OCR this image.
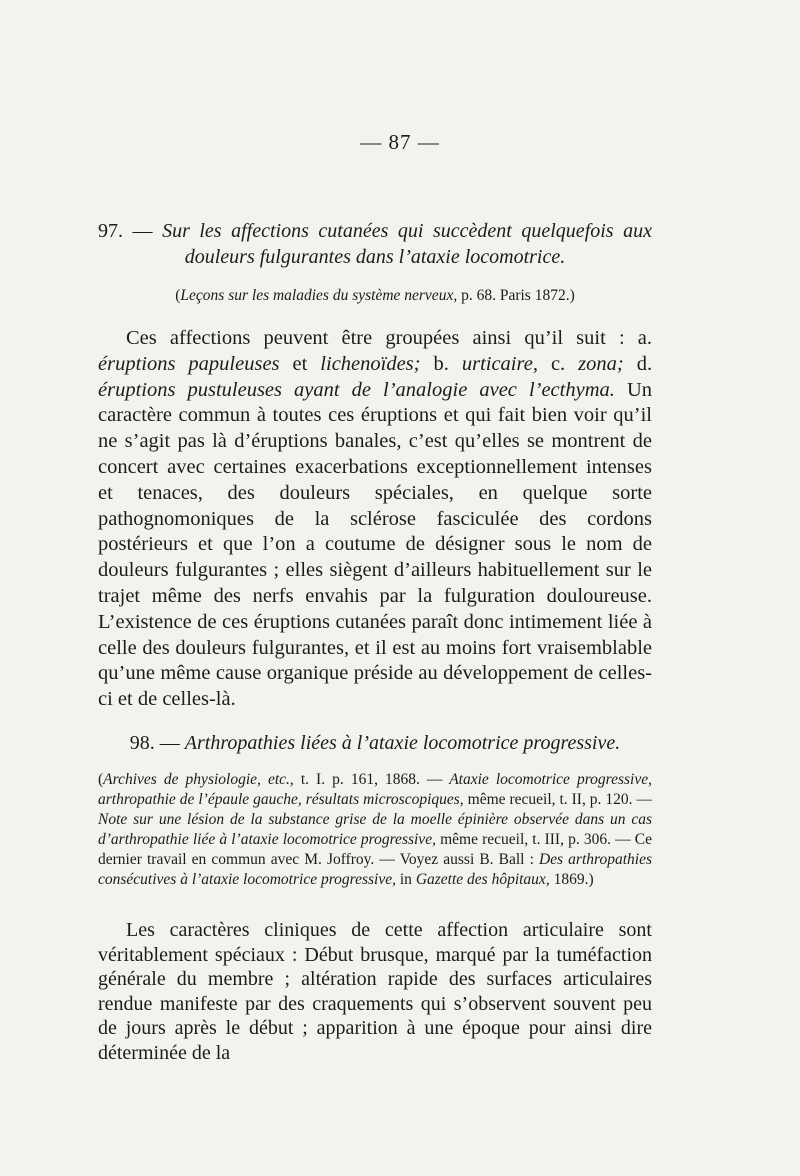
— 87 —
97. — Sur les affections cutanées qui succèdent quelquefois aux douleurs fulgurantes dans l’ataxie locomotrice.
(Leçons sur les maladies du système nerveux, p. 68. Paris 1872.)
Ces affections peuvent être groupées ainsi qu’il suit : a. éruptions papuleuses et lichenoïdes; b. urticaire, c. zona; d. éruptions pustuleuses ayant de l’analogie avec l’ecthyma. Un caractère commun à toutes ces éruptions et qui fait bien voir qu’il ne s’agit pas là d’éruptions banales, c’est qu’elles se montrent de concert avec certaines exacerbations exceptionnellement intenses et tenaces, des douleurs spéciales, en quelque sorte pathognomoniques de la sclérose fasciculée des cordons postérieurs et que l’on a coutume de désigner sous le nom de douleurs fulgurantes ; elles siègent d’ailleurs habituellement sur le trajet même des nerfs envahis par la fulguration douloureuse. L’existence de ces éruptions cutanées paraît donc intimement liée à celle des douleurs fulgurantes, et il est au moins fort vraisemblable qu’une même cause organique préside au développement de celles-ci et de celles-là.
98. — Arthropathies liées à l’ataxie locomotrice progressive.
(Archives de physiologie, etc., t. I. p. 161, 1868. — Ataxie locomotrice progressive, arthropathie de l’épaule gauche, résultats microscopiques, même recueil, t. II, p. 120. — Note sur une lésion de la substance grise de la moelle épinière observée dans un cas d’arthropathie liée à l’ataxie locomotrice progressive, même recueil, t. III, p. 306. — Ce dernier travail en commun avec M. Joffroy. — Voyez aussi B. Ball : Des arthropathies consécutives à l’ataxie locomotrice progressive, in Gazette des hôpitaux, 1869.)
Les caractères cliniques de cette affection articulaire sont véritablement spéciaux : Début brusque, marqué par la tuméfaction générale du membre ; altération rapide des surfaces articulaires rendue manifeste par des craquements qui s’observent souvent peu de jours après le début ; apparition à une époque pour ainsi dire déterminée de la
